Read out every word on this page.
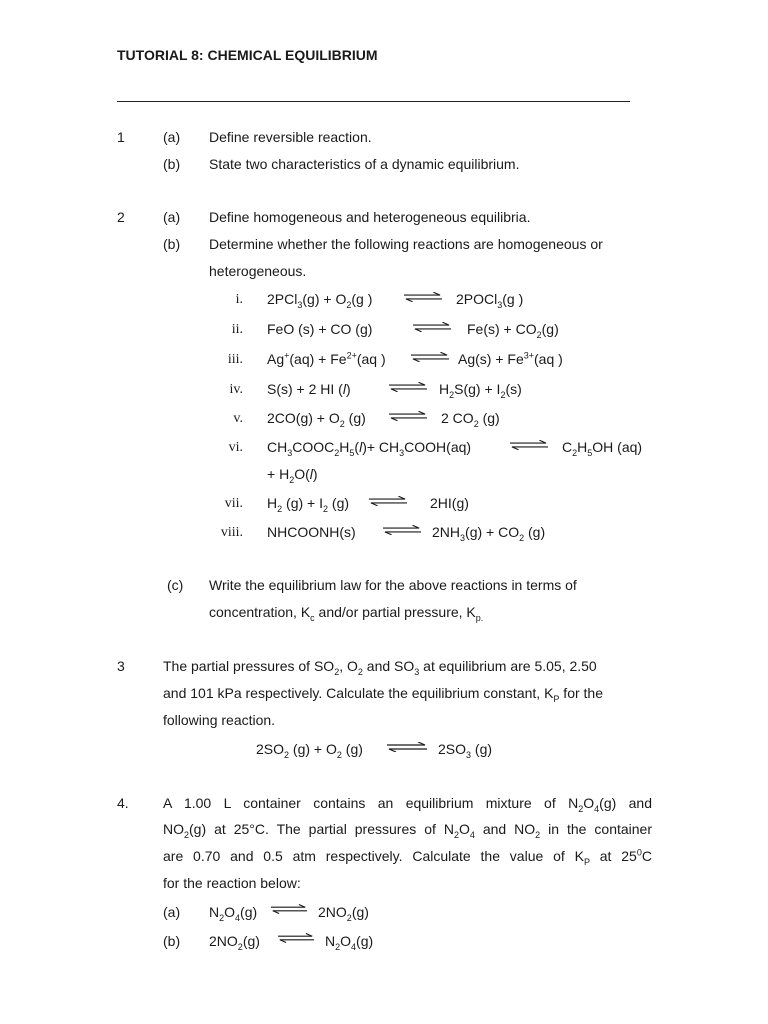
TUTORIAL 8: CHEMICAL EQUILIBRIUM
1	(a) Define reversible reaction.
(b) State two characteristics of a dynamic equilibrium.
2	(a) Define homogeneous and heterogeneous equilibria.
(b) Determine whether the following reactions are homogeneous or
heterogeneous.
i. $2PCl_3(g) + O_2(g$ )	2POCl$_3$(g )
ii. FeO (s) + CO (g)	$Fe(s) + CO_2(g)$
iii. $Ag^+(aq) + Fe^{2+}(aq$ )	$Ag(s) + Fe^{3+}(aq$ )
iv. S(s) + 2 HI (l)	$H_2S(g) + I_2(s)$
v. $2CO(g) + O_2$ (g)	2 $CO_2$ (g)
vi. $CH_3COOC_2H_5(l)+$ $CH_3COOH(aq)$	$C_2H_5OH$ (aq)
+ $H_2O(l)$
vii. $H_2$ $(g) + I_2$ (g)	2HI(g)
viii. NHCOONH(s)	$2NH_3(g) + CO_2$ (g)
(c) Write the equilibrium law for the above reactions in terms of
concentration, $K_c$ and/or partial pressure, $K_{p.}$
3	The partial pressures of $SO_2$, $O_2$ and $SO_3$ at equilibrium are 5.05, 2.50
and 101 kPa respectively. Calculate the equilibrium constant, $K_P$ for the
following reaction.
$2SO_2$ $(g) + O_2$ (g)	$2SO_3$ (g)
4. A 1.00 L container contains an equilibrium mixture of $N_2O_4(g)$ and
$NO_2(g)$ at 25°C. The partial pressures of $N_2O_4$ and $NO_2$ in the container
are 0.70 and 0.5 atm respectively. Calculate the value of $K_P$ at $25^0C$
for the reaction below:
(a) $N_2O_4(g)$	$2NO_2(g)$
(b) $2NO_2(g)$	$N_2O_4(g)$
